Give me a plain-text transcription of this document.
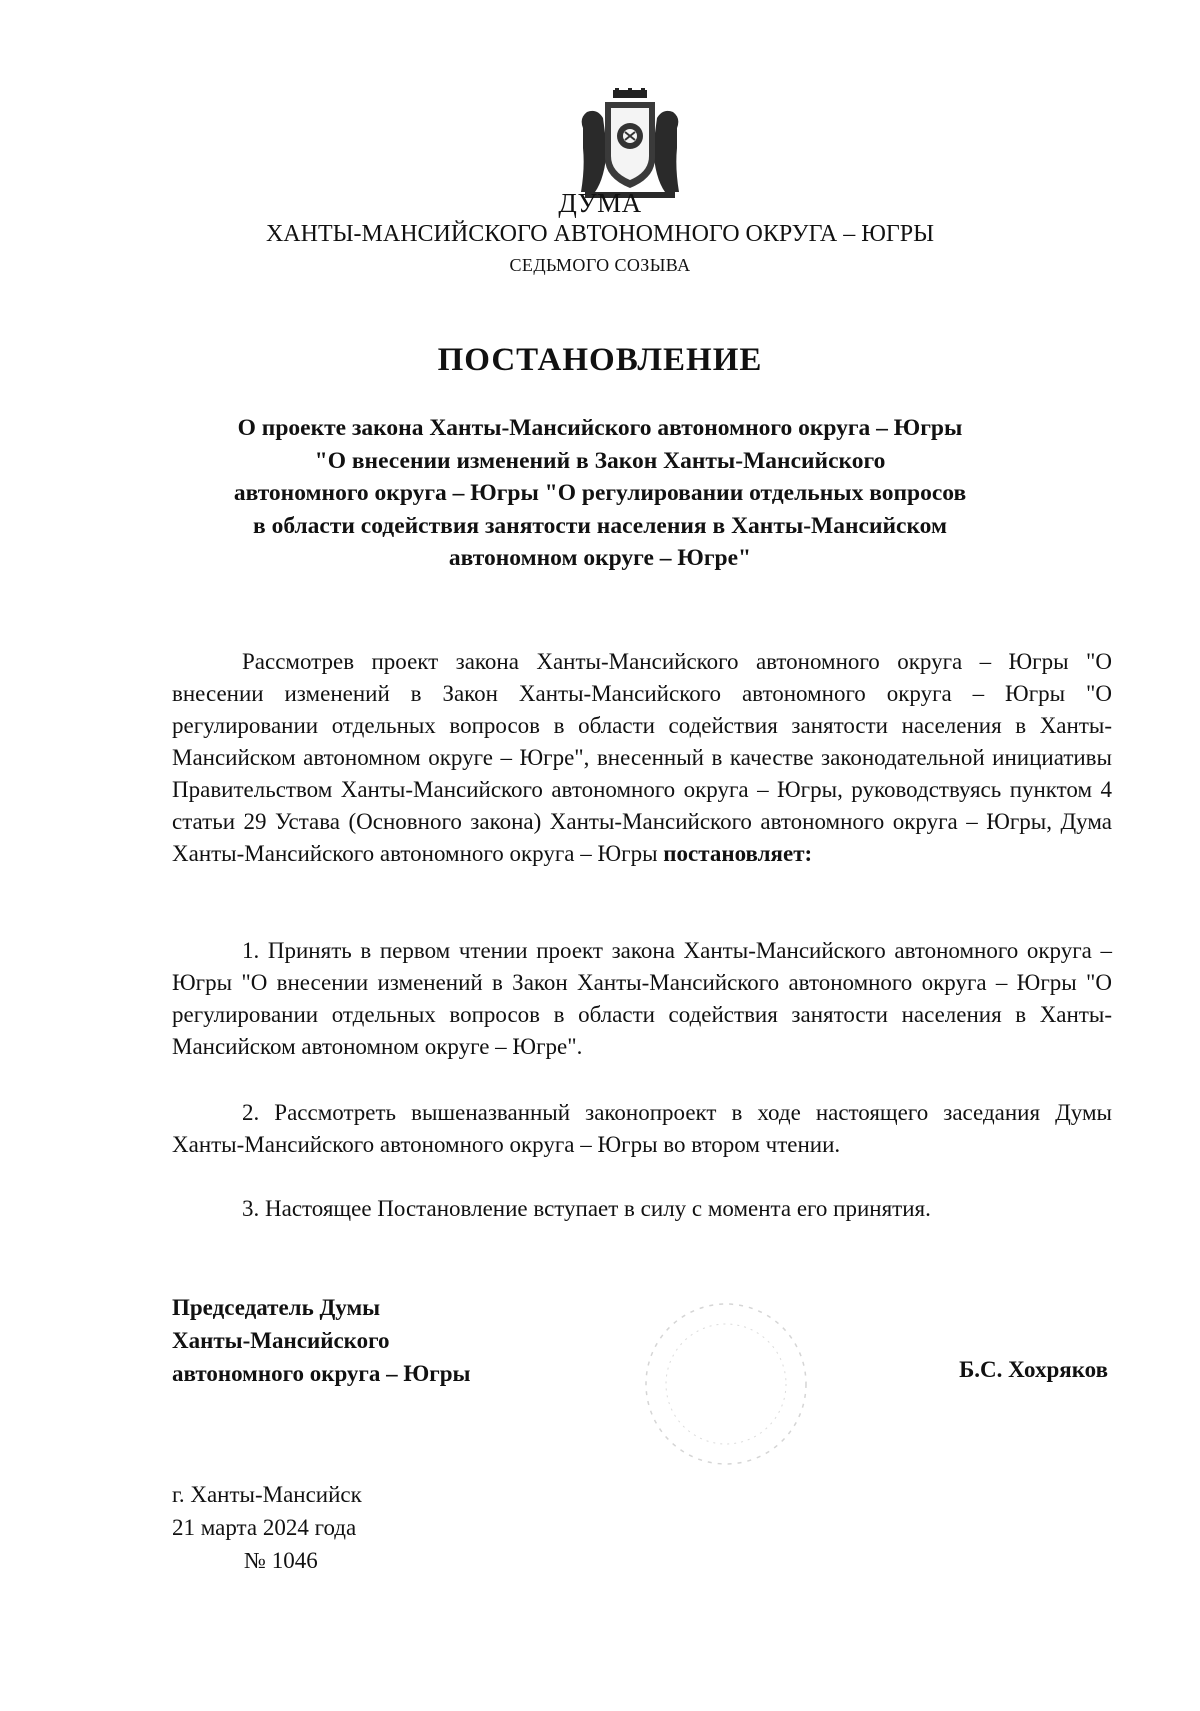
ДУМА
ХАНТЫ-МАНСИЙСКОГО АВТОНОМНОГО ОКРУГА – ЮГРЫ
СЕДЬМОГО СОЗЫВА
ПОСТАНОВЛЕНИЕ
О проекте закона Ханты-Мансийского автономного округа – Югры
"О внесении изменений в Закон Ханты-Мансийского
автономного округа – Югры "О регулировании отдельных вопросов
в области содействия занятости населения в Ханты-Мансийском
автономном округе – Югре"

Рассмотрев проект закона Ханты-Мансийского автономного округа – Югры "О внесении изменений в Закон Ханты-Мансийского автономного округа – Югры "О регулировании отдельных вопросов в области содействия занятости населения в Ханты-Мансийском автономном округе – Югре", внесенный в качестве законодательной инициативы Правительством Ханты-Мансийского автономного округа – Югры, руководствуясь пунктом 4 статьи 29 Устава (Основного закона) Ханты-Мансийского автономного округа – Югры, Дума Ханты-Мансийского автономного округа – Югры постановляет:

1. Принять в первом чтении проект закона Ханты-Мансийского автономного округа – Югры "О внесении изменений в Закон Ханты-Мансийского автономного округа – Югры "О регулировании отдельных вопросов в области содействия занятости населения в Ханты-Мансийском автономном округе – Югре".

2. Рассмотреть вышеназванный законопроект в ходе настоящего заседания Думы Ханты-Мансийского автономного округа – Югры во втором чтении.

3. Настоящее Постановление вступает в силу с момента его принятия.

Председатель Думы
Ханты-Мансийского
автономного округа – Югры	Б.С. Хохряков
г. Ханты-Мансийск
21 марта 2024 года
№ 1046
